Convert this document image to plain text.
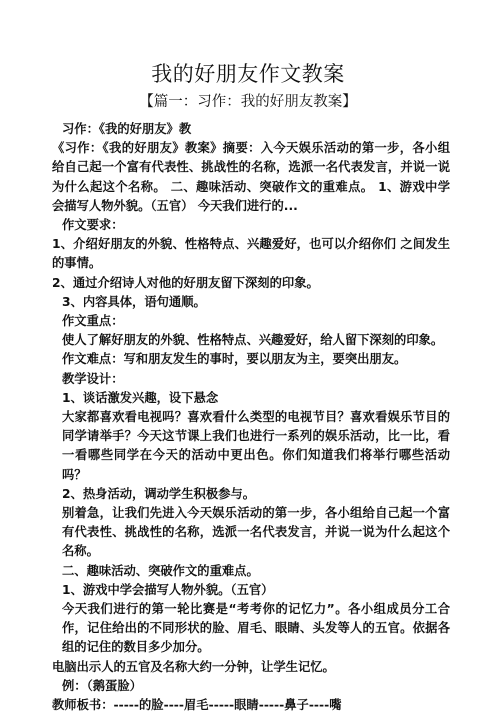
我的好朋友作文教案
【篇一：习作：我的好朋友教案】

习作：《我的好朋友》教

《习作：《我的好朋友》教案》摘要：入今天娱乐活动的第一步，各小组给自己起一个富有代表性、挑战性的名称，选派一名代表发言，并说一说为什么起这个名称。 二、趣味活动、突破作文的重难点。 1、游戏中学会描写人物外貌。（五官） 今天我们进行的...

作文要求：

1、介绍好朋友的外貌、性格特点、兴趣爱好，也可以介绍你们 之间发生的事情。

2、通过介绍诗人对他的好朋友留下深刻的印象。

3、内容具体，语句通顺。

作文重点：

使人了解好朋友的外貌、性格特点、兴趣爱好，给人留下深刻的印象。

作文难点：写和朋友发生的事时，要以朋友为主，要突出朋友。

教学设计：

1、谈话激发兴趣，设下悬念

大家都喜欢看电视吗？喜欢看什么类型的电视节目？喜欢看娱乐节目的同学请举手？今天这节课上我们也进行一系列的娱乐活动，比一比，看一看哪些同学在今天的活动中更出色。你们知道我们将举行哪些活动吗？

2、热身活动，调动学生积极参与。

别着急，让我们先进入今天娱乐活动的第一步，各小组给自己起一个富有代表性、挑战性的名称，选派一名代表发言，并说一说为什么起这个名称。

二、趣味活动、突破作文的重难点。

1、游戏中学会描写人物外貌。（五官）

今天我们进行的第一轮比赛是“考考你的记忆力”。各小组成员分工合作，记住给出的不同形状的脸、眉毛、眼睛、头发等人的五官。依据各组的记住的数目多少加分。

电脑出示人的五官及名称大约一分钟，让学生记忆。

例：（鹅蛋脸）

教师板书：-----的脸----眉毛-----眼睛-----鼻子----嘴
